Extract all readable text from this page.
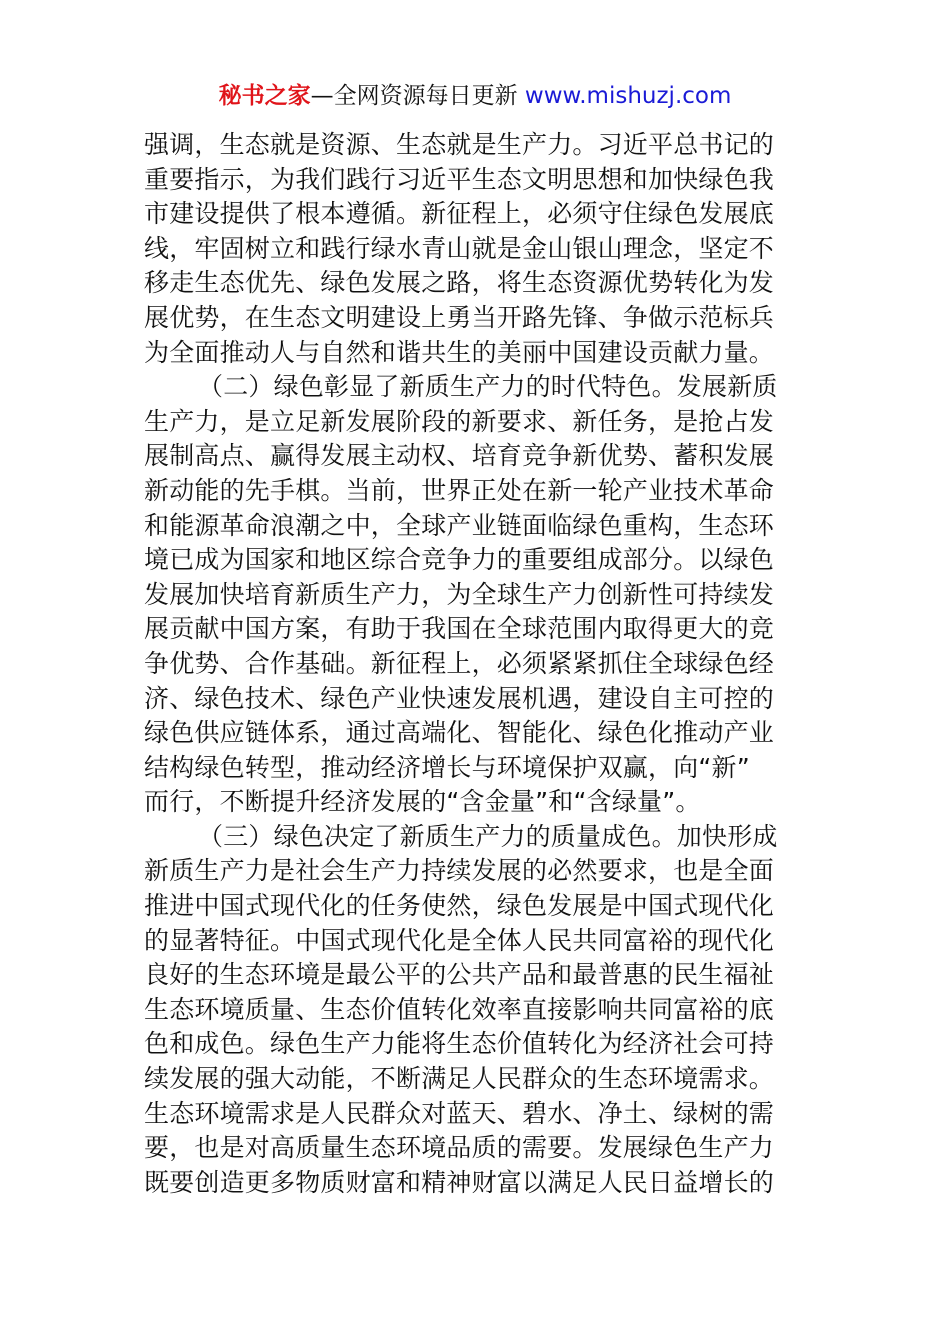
秘书之家—全网资源每日更新 www.mishuzj.com
强调，生态就是资源、生态就是生产力。习近平总书记的
重要指示，为我们践行习近平生态文明思想和加快绿色我
市建设提供了根本遵循。新征程上，必须守住绿色发展底
线，牢固树立和践行绿水青山就是金山银山理念，坚定不
移走生态优先、绿色发展之路，将生态资源优势转化为发
展优势，在生态文明建设上勇当开路先锋、争做示范标兵
为全面推动人与自然和谐共生的美丽中国建设贡献力量。
（二）绿色彰显了新质生产力的时代特色。发展新质
生产力，是立足新发展阶段的新要求、新任务，是抢占发
展制高点、赢得发展主动权、培育竞争新优势、蓄积发展
新动能的先手棋。当前，世界正处在新一轮产业技术革命
和能源革命浪潮之中，全球产业链面临绿色重构，生态环
境已成为国家和地区综合竞争力的重要组成部分。以绿色
发展加快培育新质生产力，为全球生产力创新性可持续发
展贡献中国方案，有助于我国在全球范围内取得更大的竞
争优势、合作基础。新征程上，必须紧紧抓住全球绿色经
济、绿色技术、绿色产业快速发展机遇，建设自主可控的
绿色供应链体系，通过高端化、智能化、绿色化推动产业
结构绿色转型，推动经济增长与环境保护双赢，向“新”
而行，不断提升经济发展的“含金量”和“含绿量”。
（三）绿色决定了新质生产力的质量成色。加快形成
新质生产力是社会生产力持续发展的必然要求，也是全面
推进中国式现代化的任务使然，绿色发展是中国式现代化
的显著特征。中国式现代化是全体人民共同富裕的现代化
良好的生态环境是最公平的公共产品和最普惠的民生福祉
生态环境质量、生态价值转化效率直接影响共同富裕的底
色和成色。绿色生产力能将生态价值转化为经济社会可持
续发展的强大动能，不断满足人民群众的生态环境需求。
生态环境需求是人民群众对蓝天、碧水、净土、绿树的需
要，也是对高质量生态环境品质的需要。发展绿色生产力
既要创造更多物质财富和精神财富以满足人民日益增长的
